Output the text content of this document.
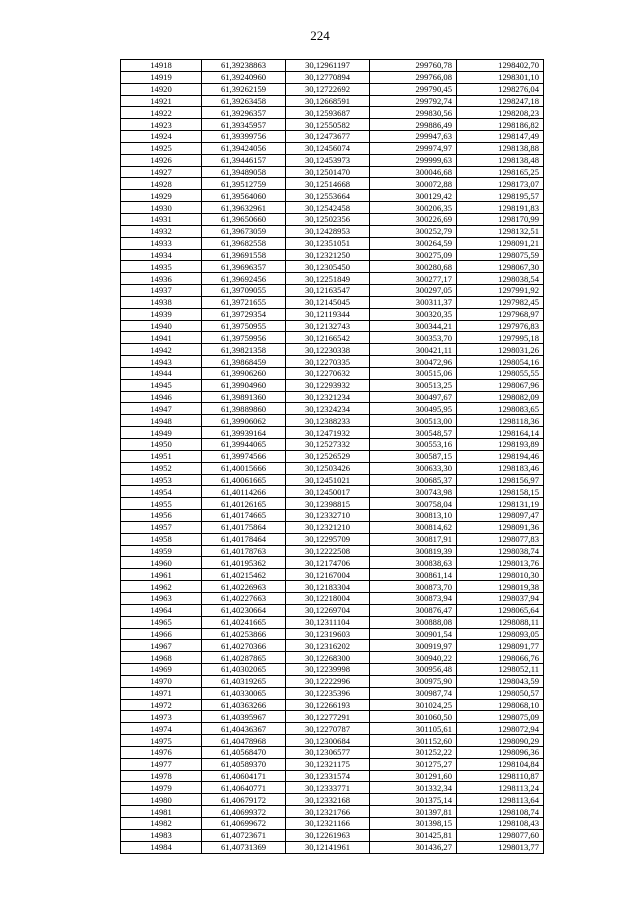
224
14918	61,39238863	30,12961197	299760,78	1298402,70
14919	61,39240960	30,12770894	299766,08	1298301,10
14920	61,39262159	30,12722692	299790,45	1298276,04
14921	61,39263458	30,12668591	299792,74	1298247,18
14922	61,39296357	30,12593687	299830,56	1298208,23
14923	61,39345957	30,12550582	299886,49	1298186,82
14924	61,39399756	30,12473677	299947,63	1298147,49
14925	61,39424056	30,12456074	299974,97	1298138,88
14926	61,39446157	30,12453973	299999,63	1298138,48
14927	61,39489058	30,12501470	300046,68	1298165,25
14928	61,39512759	30,12514668	300072,88	1298173,07
14929	61,39564060	30,12553664	300129,42	1298195,57
14930	61,39632961	30,12542458	300206,35	1298191,83
14931	61,39650660	30,12502356	300226,69	1298170,99
14932	61,39673059	30,12428953	300252,79	1298132,51
14933	61,39682558	30,12351051	300264,59	1298091,21
14934	61,39691558	30,12321250	300275,09	1298075,59
14935	61,39696357	30,12305450	300280,68	1298067,30
14936	61,39692456	30,12251849	300277,17	1298038,54
14937	61,39709055	30,12163547	300297,05	1297991,92
14938	61,39721655	30,12145045	300311,37	1297982,45
14939	61,39729354	30,12119344	300320,35	1297968,97
14940	61,39750955	30,12132743	300344,21	1297976,83
14941	61,39759956	30,12166542	300353,70	1297995,18
14942	61,39821358	30,12230338	300421,11	1298031,26
14943	61,39868459	30,12270335	300472,96	1298054,16
14944	61,39906260	30,12270632	300515,06	1298055,55
14945	61,39904960	30,12293932	300513,25	1298067,96
14946	61,39891360	30,12321234	300497,67	1298082,09
14947	61,39889860	30,12324234	300495,95	1298083,65
14948	61,39906062	30,12388233	300513,00	1298118,36
14949	61,39939164	30,12471932	300548,57	1298164,14
14950	61,39944065	30,12527332	300553,16	1298193,89
14951	61,39974566	30,12526529	300587,15	1298194,46
14952	61,40015666	30,12503426	300633,30	1298183,46
14953	61,40061665	30,12451021	300685,37	1298156,97
14954	61,40114266	30,12450017	300743,98	1298158,15
14955	61,40126165	30,12398815	300758,04	1298131,19
14956	61,40174665	30,12332710	300813,10	1298097,47
14957	61,40175864	30,12321210	300814,62	1298091,36
14958	61,40178464	30,12295709	300817,91	1298077,83
14959	61,40178763	30,12222508	300819,39	1298038,74
14960	61,40195362	30,12174706	300838,63	1298013,76
14961	61,40215462	30,12167004	300861,14	1298010,30
14962	61,40226963	30,12183304	300873,70	1298019,38
14963	61,40227663	30,12218004	300873,94	1298037,94
14964	61,40230664	30,12269704	300876,47	1298065,64
14965	61,40241665	30,12311104	300888,08	1298088,11
14966	61,40253866	30,12319603	300901,54	1298093,05
14967	61,40270366	30,12316202	300919,97	1298091,77
14968	61,40287865	30,12268300	300940,22	1298066,76
14969	61,40302065	30,12239998	300956,48	1298052,11
14970	61,40319265	30,12222996	300975,90	1298043,59
14971	61,40330065	30,12235396	300987,74	1298050,57
14972	61,40363266	30,12266193	301024,25	1298068,10
14973	61,40395967	30,12277291	301060,50	1298075,09
14974	61,40436367	30,12270787	301105,61	1298072,94
14975	61,40478968	30,12300684	301152,60	1298090,29
14976	61,40568470	30,12306577	301252,22	1298096,36
14977	61,40589370	30,12321175	301275,27	1298104,84
14978	61,40604171	30,12331574	301291,60	1298110,87
14979	61,40640771	30,12333771	301332,34	1298113,24
14980	61,40679172	30,12332168	301375,14	1298113,64
14981	61,40699372	30,12321766	301397,81	1298108,74
14982	61,40699672	30,12321166	301398,15	1298108,43
14983	61,40723671	30,12261963	301425,81	1298077,60
14984	61,40731369	30,12141961	301436,27	1298013,77
